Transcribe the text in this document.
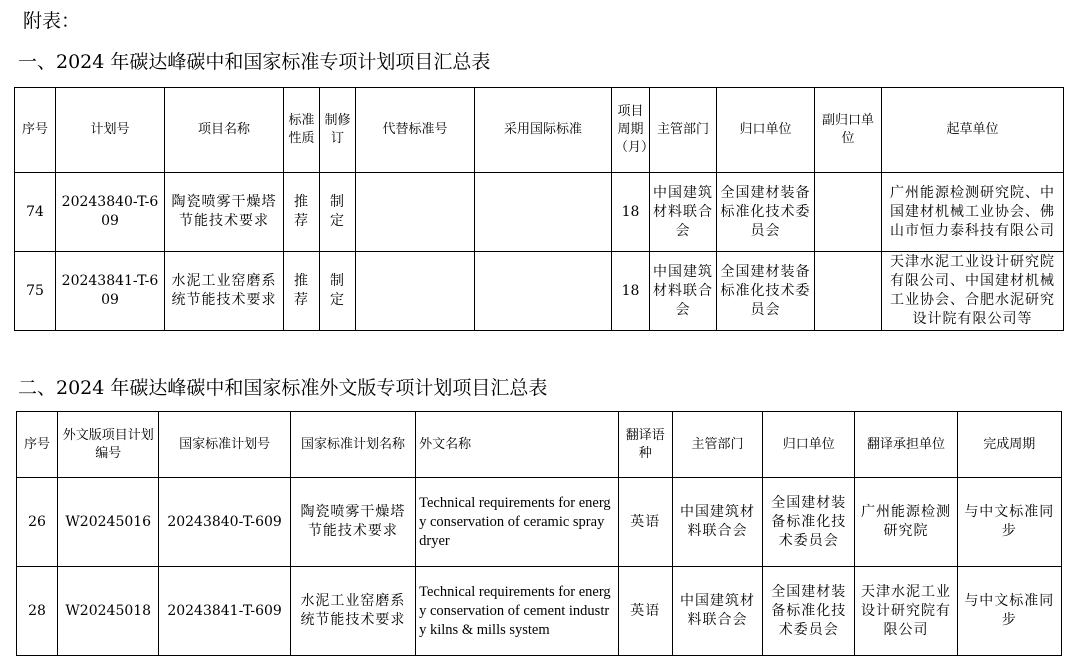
附表：
一、2024 年碳达峰碳中和国家标准专项计划项目汇总表
序号	计划号	项目名称	标准性质	制修订	代替标准号	采用国际标准	项目周期（月）	主管部门	归口单位	副归口单位	起草单位
74	20243840-T-609	陶瓷喷雾干燥塔节能技术要求	推荐	制定			18	中国建筑材料联合会	全国建材装备标准化技术委员会		广州能源检测研究院、中国建材机械工业协会、佛山市恒力泰科技有限公司
75	20243841-T-609	水泥工业窑磨系统节能技术要求	推荐	制定			18	中国建筑材料联合会	全国建材装备标准化技术委员会		天津水泥工业设计研究院有限公司、中国建材机械工业协会、合肥水泥研究设计院有限公司等
二、2024 年碳达峰碳中和国家标准外文版专项计划项目汇总表
序号	外文版项目计划编号	国家标准计划号	国家标准计划名称	外文名称	翻译语种	主管部门	归口单位	翻译承担单位	完成周期
26	W20245016	20243840-T-609	陶瓷喷雾干燥塔节能技术要求	Technical requirements for energy conservation of ceramic spray dryer	英语	中国建筑材料联合会	全国建材装备标准化技术委员会	广州能源检测研究院	与中文标准同步
28	W20245018	20243841-T-609	水泥工业窑磨系统节能技术要求	Technical requirements for energy conservation of cement industry kilns & mills system	英语	中国建筑材料联合会	全国建材装备标准化技术委员会	天津水泥工业设计研究院有限公司	与中文标准同步
